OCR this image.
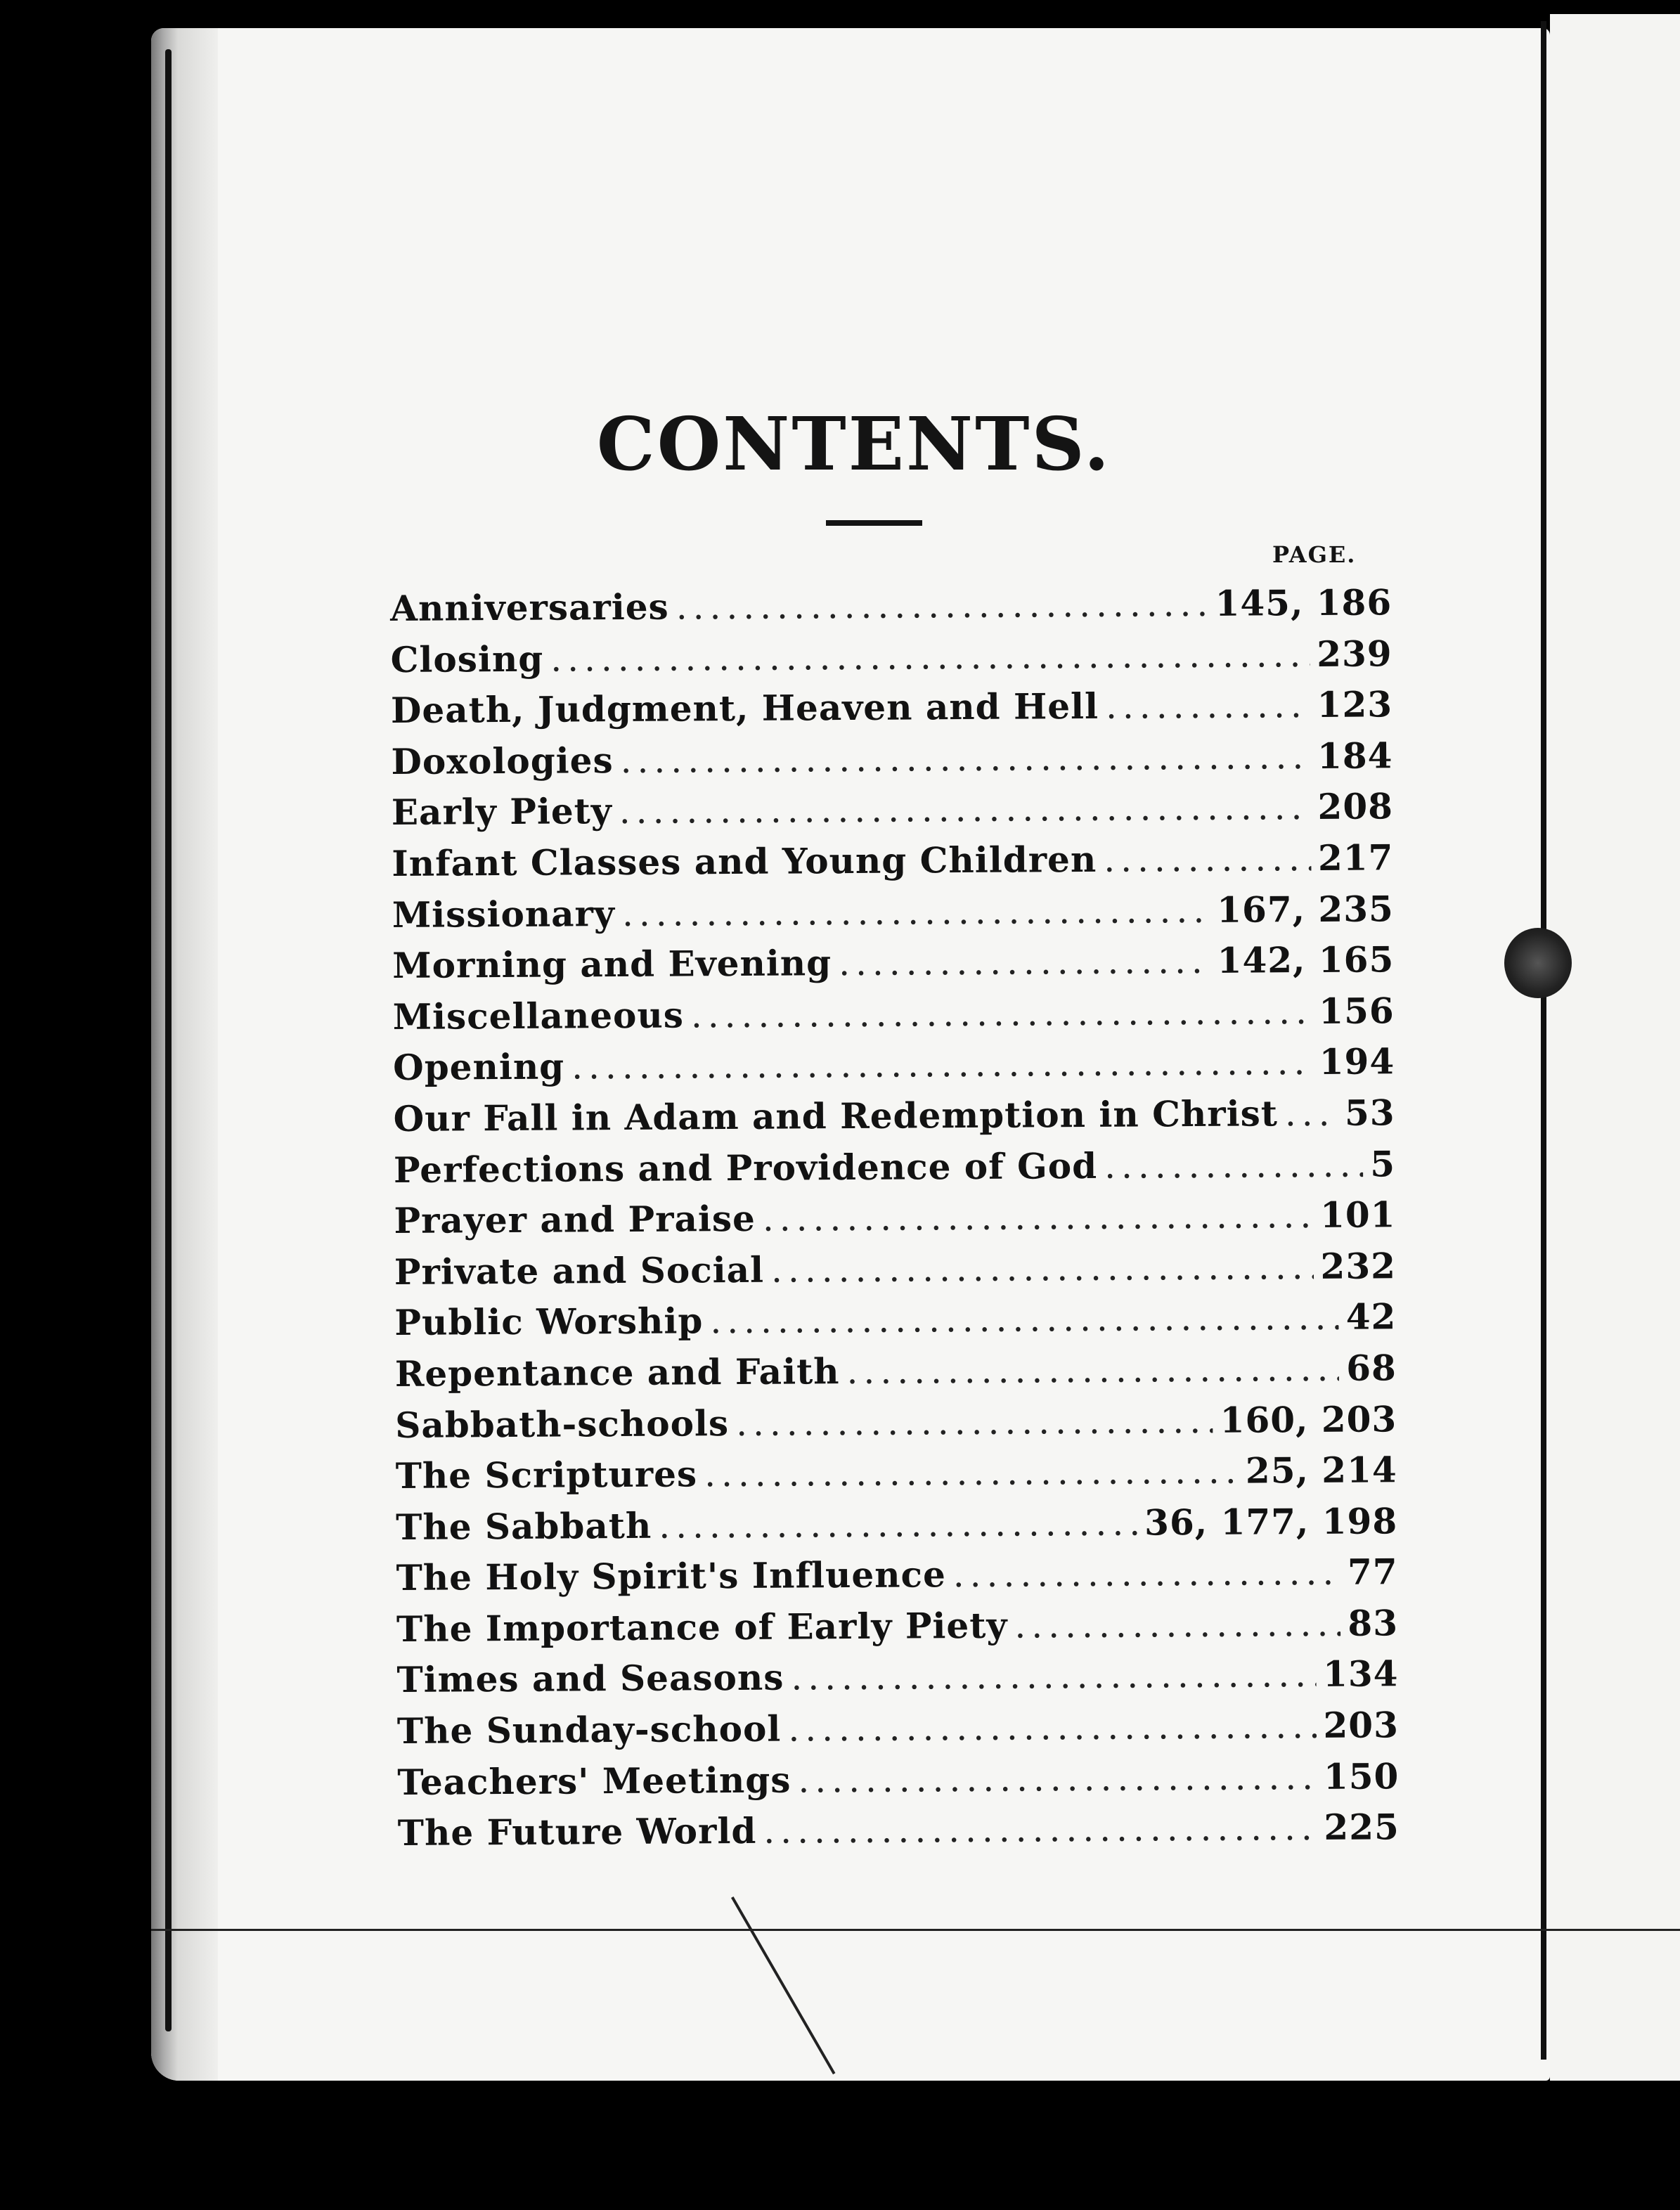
CONTENTS.
PAGE.
Anniversaries .....	145, 186
Closing .....	239
Death, Judgment, Heaven and Hell .....	123
Doxologies .....	184
Early Piety .....	208
Infant Classes and Young Children .....	217
Missionary .....	167, 235
Morning and Evening .....	142, 165
Miscellaneous .....	156
Opening .....	194
Our Fall in Adam and Redemption in Christ ..... 53
Perfections and Providence of God .....	5
Prayer and Praise .....	101
Private and Social .....	232
Public Worship .....	42
Repentance and Faith .....	68
Sabbath-schools .....	160, 203
The Scriptures .....	25, 214
The Sabbath .....	36, 177, 198
The Holy Spirit's Influence .....	77
The Importance of Early Piety .....	83
Times and Seasons .....	134
The Sunday-school .....	203
Teachers' Meetings .....	150
The Future World .....	225
